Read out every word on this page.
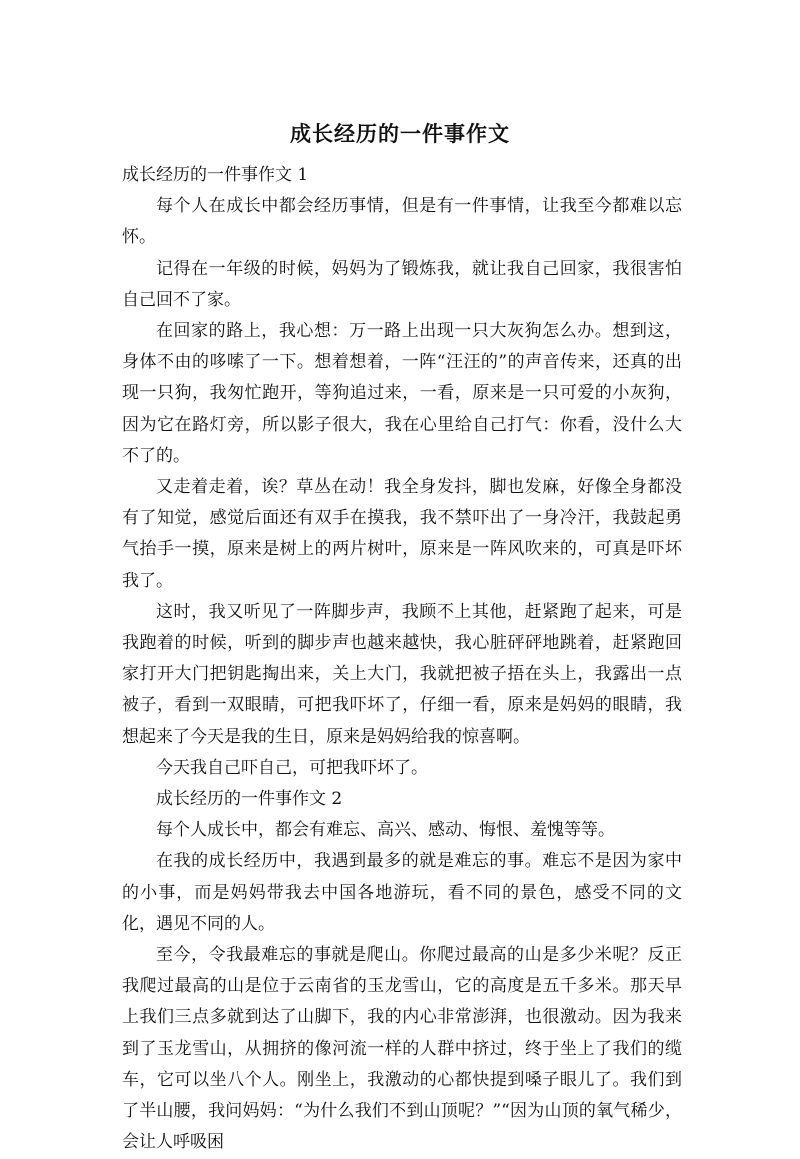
成长经历的一件事作文

成长经历的一件事作文 1

每个人在成长中都会经历事情，但是有一件事情，让我至今都难以忘怀。

记得在一年级的时候，妈妈为了锻炼我，就让我自己回家，我很害怕自己回不了家。

在回家的路上，我心想：万一路上出现一只大灰狗怎么办。想到这，身体不由的哆嗦了一下。想着想着，一阵“汪汪的”的声音传来，还真的出现一只狗，我匆忙跑开，等狗追过来，一看，原来是一只可爱的小灰狗，因为它在路灯旁，所以影子很大，我在心里给自己打气：你看，没什么大不了的。

又走着走着，诶？草丛在动！我全身发抖，脚也发麻，好像全身都没有了知觉，感觉后面还有双手在摸我，我不禁吓出了一身冷汗，我鼓起勇气抬手一摸，原来是树上的两片树叶，原来是一阵风吹来的，可真是吓坏我了。

这时，我又听见了一阵脚步声，我顾不上其他，赶紧跑了起来，可是我跑着的时候，听到的脚步声也越来越快，我心脏砰砰地跳着，赶紧跑回家打开大门把钥匙掏出来，关上大门，我就把被子捂在头上，我露出一点被子，看到一双眼睛，可把我吓坏了，仔细一看，原来是妈妈的眼睛，我想起来了今天是我的生日，原来是妈妈给我的惊喜啊。

今天我自己吓自己，可把我吓坏了。

成长经历的一件事作文 2

每个人成长中，都会有难忘、高兴、感动、悔恨、羞愧等等。

在我的成长经历中，我遇到最多的就是难忘的事。难忘不是因为家中的小事，而是妈妈带我去中国各地游玩，看不同的景色，感受不同的文化，遇见不同的人。

至今，令我最难忘的事就是爬山。你爬过最高的山是多少米呢？反正我爬过最高的山是位于云南省的玉龙雪山，它的高度是五千多米。那天早上我们三点多就到达了山脚下，我的内心非常澎湃，也很激动。因为我来到了玉龙雪山，从拥挤的像河流一样的人群中挤过，终于坐上了我们的缆车，它可以坐八个人。刚坐上，我激动的心都快提到嗓子眼儿了。我们到了半山腰，我问妈妈：“为什么我们不到山顶呢？”“因为山顶的氧气稀少，会让人呼吸困
